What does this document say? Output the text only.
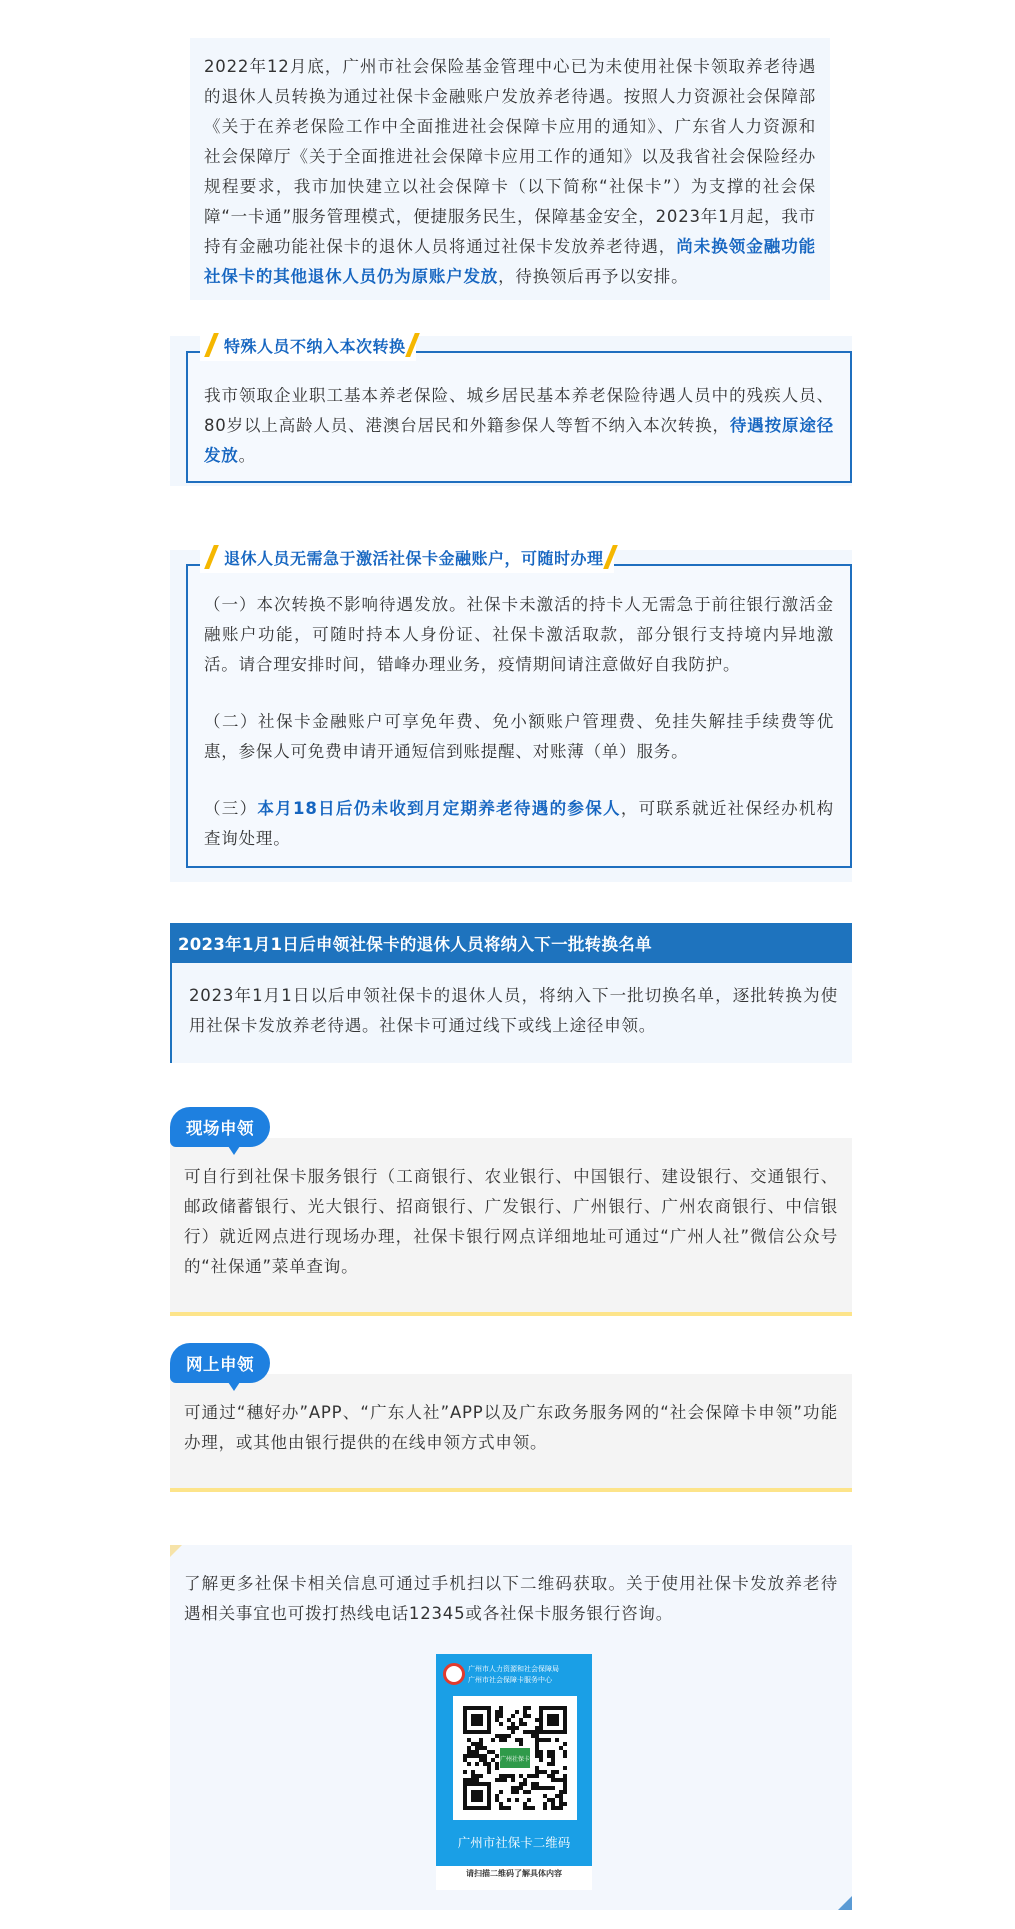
2022年12月底，广州市社会保险基金管理中心已为未使用社保卡领取养老待遇的退休人员转换为通过社保卡金融账户发放养老待遇。按照人力资源社会保障部《关于在养老保险工作中全面推进社会保障卡应用的通知》、广东省人力资源和社会保障厅《关于全面推进社会保障卡应用工作的通知》以及我省社会保险经办规程要求，我市加快建立以社会保障卡（以下简称“社保卡”）为支撑的社会保障“一卡通”服务管理模式，便捷服务民生，保障基金安全，2023年1月起，我市持有金融功能社保卡的退休人员将通过社保卡发放养老待遇，尚未换领金融功能社保卡的其他退休人员仍为原账户发放，待换领后再予以安排。

我市领取企业职工基本养老保险、城乡居民基本养老保险待遇人员中的残疾人员、80岁以上高龄人员、港澳台居民和外籍参保人等暂不纳入本次转换，待遇按原途径发放。

特殊人员不纳入本次转换

（一）本次转换不影响待遇发放。社保卡未激活的持卡人无需急于前往银行激活金融账户功能，可随时持本人身份证、社保卡激活取款，部分银行支持境内异地激活。请合理安排时间，错峰办理业务，疫情期间请注意做好自我防护。

（二）社保卡金融账户可享免年费、免小额账户管理费、免挂失解挂手续费等优惠，参保人可免费申请开通短信到账提醒、对账薄（单）服务。

（三）本月18日后仍未收到月定期养老待遇的参保人，可联系就近社保经办机构查询处理。

退休人员无需急于激活社保卡金融账户，可随时办理
2023年1月1日后申领社保卡的退休人员将纳入下一批转换名单

2023年1月1日以后申领社保卡的退休人员，将纳入下一批切换名单，逐批转换为使用社保卡发放养老待遇。社保卡可通过线下或线上途径申领。

可自行到社保卡服务银行（工商银行、农业银行、中国银行、建设银行、交通银行、邮政储蓄银行、光大银行、招商银行、广发银行、广州银行、广州农商银行、中信银行）就近网点进行现场办理，社保卡银行网点详细地址可通过“广州人社”微信公众号的“社保通”菜单查询。

现场申领

可通过“穗好办”APP、“广东人社”APP以及广东政务服务网的“社会保障卡申领”功能办理，或其他由银行提供的在线申领方式申领。

网上申领

了解更多社保卡相关信息可通过手机扫以下二维码获取。关于使用社保卡发放养老待遇相关事宜也可拨打热线电话12345或各社保卡服务银行咨询。

广州市人力资源和社会保障局
广州市社会保障卡服务中心
广州社保卡
广州市社保卡二维码
请扫描二维码了解具体内容
